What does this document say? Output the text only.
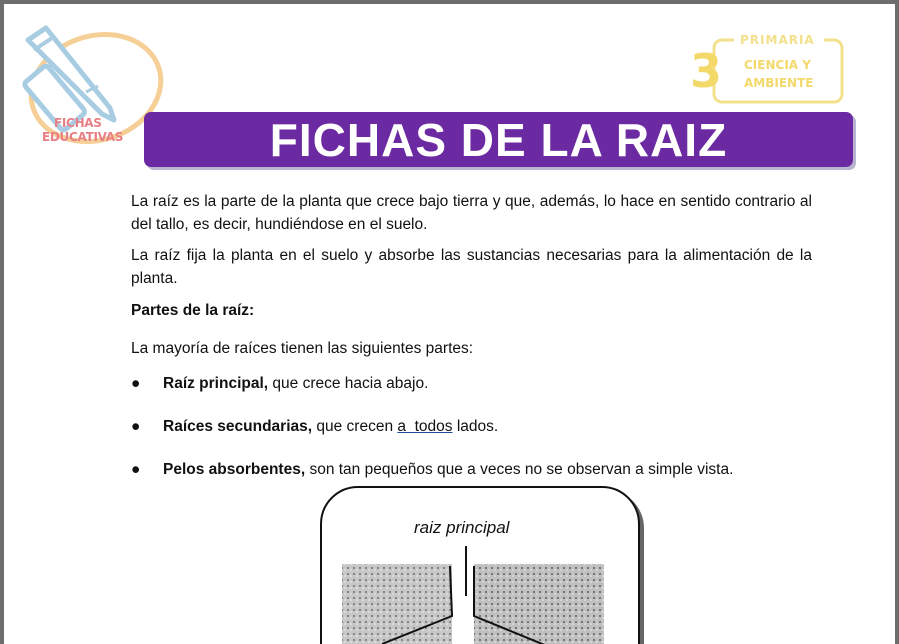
FICHAS
EDUCATIVAS
3
PRIMARIA
CIENCIA Y
AMBIENTE
FICHAS DE LA RAIZ

La raíz es la parte de la planta que crece bajo tierra y que, además, lo hace en sentido contrario al del tallo, es decir, hundiéndose en el suelo.

La raíz fija la planta en el suelo y absorbe las sustancias necesarias para la alimentación de la planta.

Partes de la raíz:

La mayoría de raíces tienen las siguientes partes:

● Raíz principal, que crece hacia abajo.
● Raíces secundarias, que crecen a  todos lados.
● Pelos absorbentes, son tan pequeños que a veces no se observan a simple vista.
raiz principal
